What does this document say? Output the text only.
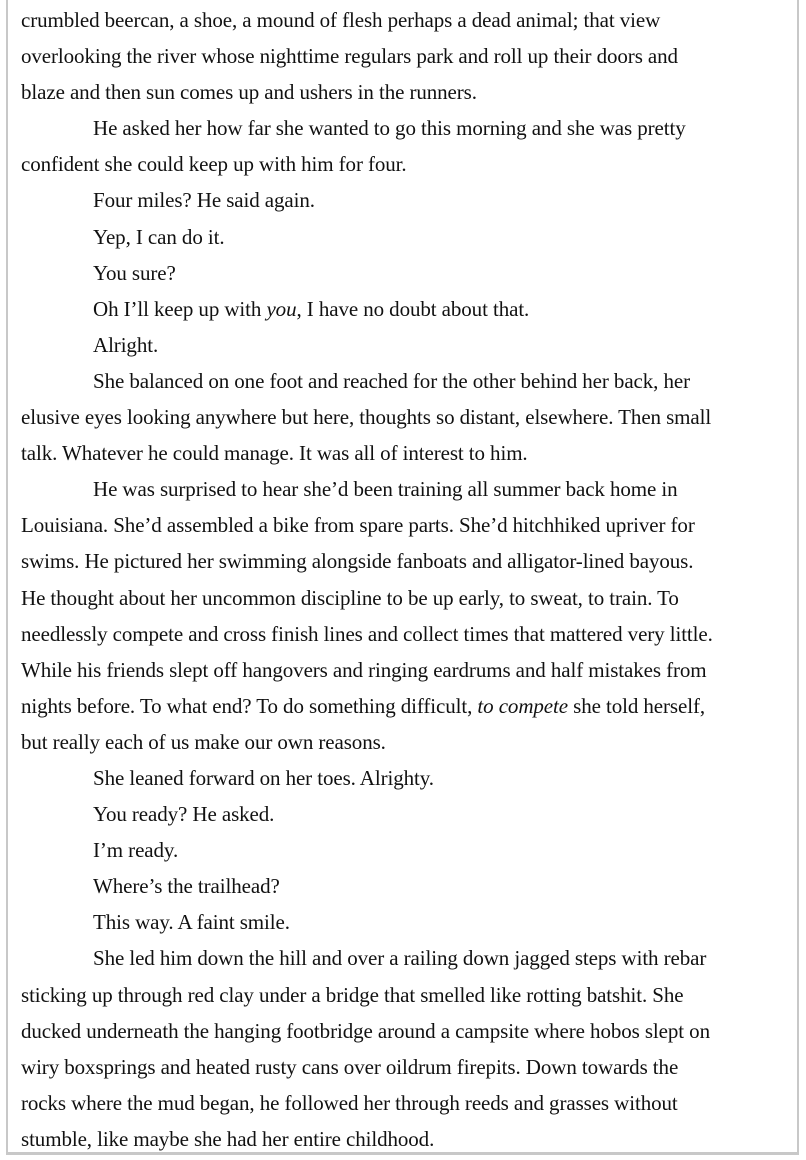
crumbled beercan, a shoe, a mound of flesh perhaps a dead animal; that view
overlooking the river whose nighttime regulars park and roll up their doors and
blaze and then sun comes up and ushers in the runners.

He asked her how far she wanted to go this morning and she was pretty
confident she could keep up with him for four.

Four miles? He said again.

Yep, I can do it.

You sure?

Oh I’ll keep up with you, I have no doubt about that.

Alright.

She balanced on one foot and reached for the other behind her back, her
elusive eyes looking anywhere but here, thoughts so distant, elsewhere. Then small
talk. Whatever he could manage. It was all of interest to him.

He was surprised to hear she’d been training all summer back home in
Louisiana. She’d assembled a bike from spare parts. She’d hitchhiked upriver for
swims. He pictured her swimming alongside fanboats and alligator-lined bayous.
He thought about her uncommon discipline to be up early, to sweat, to train. To
needlessly compete and cross finish lines and collect times that mattered very little.
While his friends slept off hangovers and ringing eardrums and half mistakes from
nights before. To what end? To do something difficult, to compete she told herself,
but really each of us make our own reasons.

She leaned forward on her toes. Alrighty.

You ready? He asked.

I’m ready.

Where’s the trailhead?

This way. A faint smile.

She led him down the hill and over a railing down jagged steps with rebar
sticking up through red clay under a bridge that smelled like rotting batshit. She
ducked underneath the hanging footbridge around a campsite where hobos slept on
wiry boxsprings and heated rusty cans over oildrum firepits. Down towards the
rocks where the mud began, he followed her through reeds and grasses without
stumble, like maybe she had her entire childhood.
